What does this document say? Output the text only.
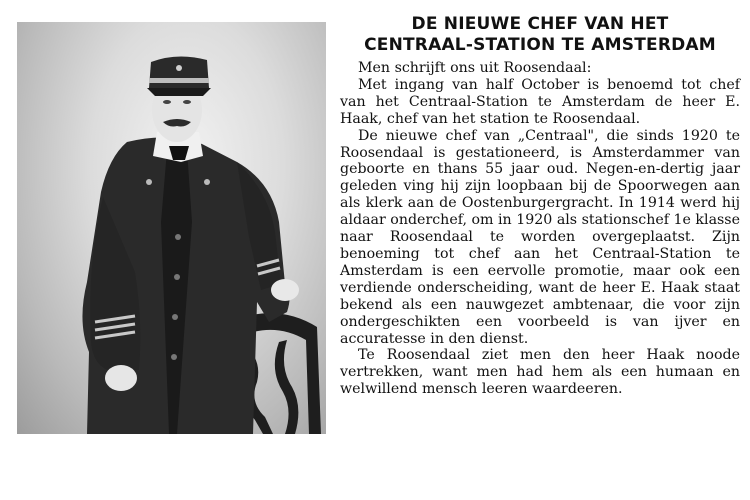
DE NIEUWE CHEF VAN HET
CENTRAAL-STATION TE AMSTERDAM

Men schrijft ons uit Roosendaal:

Met ingang van half October is benoemd tot chef van het Centraal-Station te Amsterdam de heer E. Haak, chef van het station te Roosendaal.

De nieuwe chef van „Centraal", die sinds 1920 te Roosendaal is gestationeerd, is Amsterdammer van geboorte en thans 55 jaar oud. Negen-en-dertig jaar geleden ving hij zijn loopbaan bij de Spoorwegen aan als klerk aan de Oostenburgergracht. In 1914 werd hij aldaar onderchef, om in 1920 als stationschef 1e klasse naar Roosendaal te worden overgeplaatst. Zijn benoeming tot chef aan het Centraal-Station te Amsterdam is een eervolle promotie, maar ook een verdiende onderscheiding, want de heer E. Haak staat bekend als een nauwgezet ambtenaar, die voor zijn ondergeschikten een voorbeeld is van ijver en accuratesse in den dienst.

Te Roosendaal ziet men den heer Haak noode vertrekken, want men had hem als een humaan en welwillend mensch leeren waardeeren.
